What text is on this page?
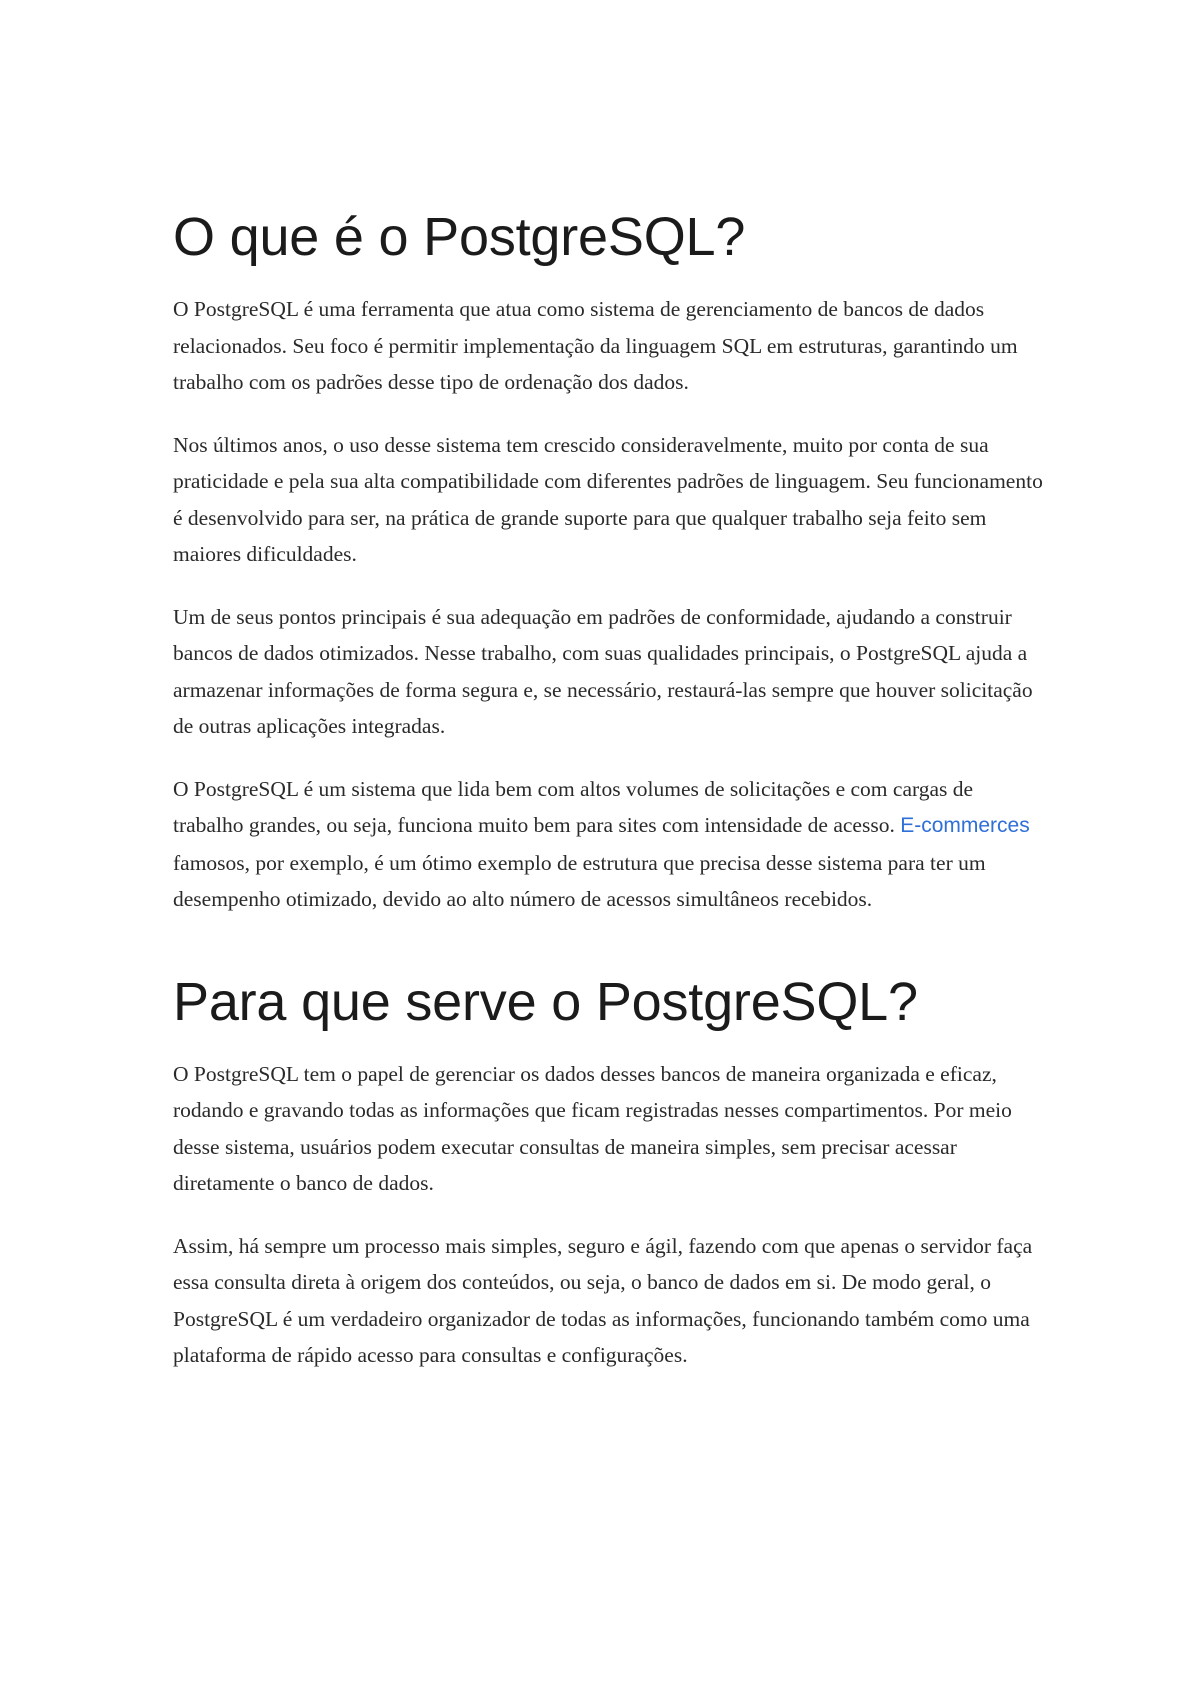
O que é o PostgreSQL?

O PostgreSQL é uma ferramenta que atua como sistema de gerenciamento de bancos de dados relacionados. Seu foco é permitir implementação da linguagem SQL em estruturas, garantindo um trabalho com os padrões desse tipo de ordenação dos dados.

Nos últimos anos, o uso desse sistema tem crescido consideravelmente, muito por conta de sua praticidade e pela sua alta compatibilidade com diferentes padrões de linguagem. Seu funcionamento é desenvolvido para ser, na prática de grande suporte para que qualquer trabalho seja feito sem maiores dificuldades.

Um de seus pontos principais é sua adequação em padrões de conformidade, ajudando a construir bancos de dados otimizados. Nesse trabalho, com suas qualidades principais, o PostgreSQL ajuda a armazenar informações de forma segura e, se necessário, restaurá-las sempre que houver solicitação de outras aplicações integradas.

O PostgreSQL é um sistema que lida bem com altos volumes de solicitações e com cargas de trabalho grandes, ou seja, funciona muito bem para sites com intensidade de acesso. E-commerces famosos, por exemplo, é um ótimo exemplo de estrutura que precisa desse sistema para ter um desempenho otimizado, devido ao alto número de acessos simultâneos recebidos.

Para que serve o PostgreSQL?

O PostgreSQL tem o papel de gerenciar os dados desses bancos de maneira organizada e eficaz, rodando e gravando todas as informações que ficam registradas nesses compartimentos. Por meio desse sistema, usuários podem executar consultas de maneira simples, sem precisar acessar diretamente o banco de dados.

Assim, há sempre um processo mais simples, seguro e ágil, fazendo com que apenas o servidor faça essa consulta direta à origem dos conteúdos, ou seja, o banco de dados em si. De modo geral, o PostgreSQL é um verdadeiro organizador de todas as informações, funcionando também como uma plataforma de rápido acesso para consultas e configurações.
